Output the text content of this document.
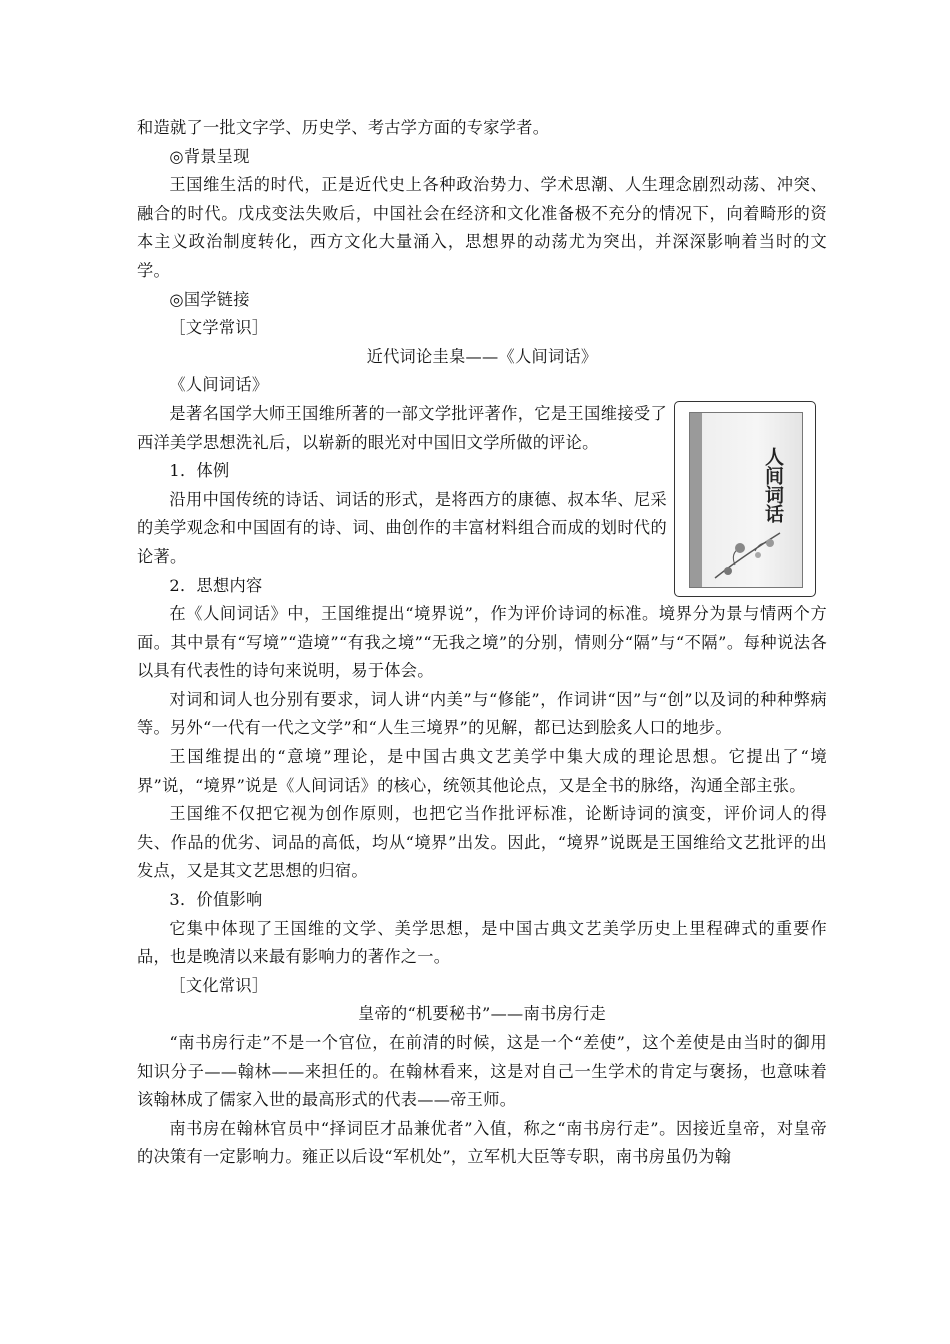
和造就了一批文字学、历史学、考古学方面的专家学者。

◎背景呈现

王国维生活的时代，正是近代史上各种政治势力、学术思潮、人生理念剧烈动荡、冲突、融合的时代。戊戌变法失败后，中国社会在经济和文化准备极不充分的情况下，向着畸形的资本主义政治制度转化，西方文化大量涌入，思想界的动荡尤为突出，并深深影响着当时的文学。

◎国学链接

［文学常识］

近代词论圭臬——《人间词话》

《人间词话》

是著名国学大师王国维所著的一部文学批评著作，它是王国维接受了西洋美学思想洗礼后，以崭新的眼光对中国旧文学所做的评论。

1．体例

沿用中国传统的诗话、词话的形式，是将西方的康德、叔本华、尼采的美学观念和中国固有的诗、词、曲创作的丰富材料组合而成的划时代的论著。

2．思想内容

在《人间词话》中，王国维提出“境界说”，作为评价诗词的标准。境界分为景与情两个方面。其中景有“写境”“造境”“有我之境”“无我之境”的分别，情则分“隔”与“不隔”。每种说法各以具有代表性的诗句来说明，易于体会。

对词和词人也分别有要求，词人讲“内美”与“修能”，作词讲“因”与“创”以及词的种种弊病等。另外“一代有一代之文学”和“人生三境界”的见解，都已达到脍炙人口的地步。

王国维提出的“意境”理论，是中国古典文艺美学中集大成的理论思想。它提出了“境界”说，“境界”说是《人间词话》的核心，统领其他论点，又是全书的脉络，沟通全部主张。

王国维不仅把它视为创作原则，也把它当作批评标准，论断诗词的演变，评价词人的得失、作品的优劣、词品的高低，均从“境界”出发。因此，“境界”说既是王国维给文艺批评的出发点，又是其文艺思想的归宿。

3．价值影响

它集中体现了王国维的文学、美学思想，是中国古典文艺美学历史上里程碑式的重要作品，也是晚清以来最有影响力的著作之一。

［文化常识］

皇帝的“机要秘书”——南书房行走

“南书房行走”不是一个官位，在前清的时候，这是一个“差使”，这个差使是由当时的御用知识分子——翰林——来担任的。在翰林看来，这是对自己一生学术的肯定与褒扬，也意味着该翰林成了儒家入世的最高形式的代表——帝王师。

南书房在翰林官员中“择词臣才品兼优者”入值，称之“南书房行走”。因接近皇帝，对皇帝的决策有一定影响力。雍正以后设“军机处”，立军机大臣等专职，南书房虽仍为翰

人间词话
